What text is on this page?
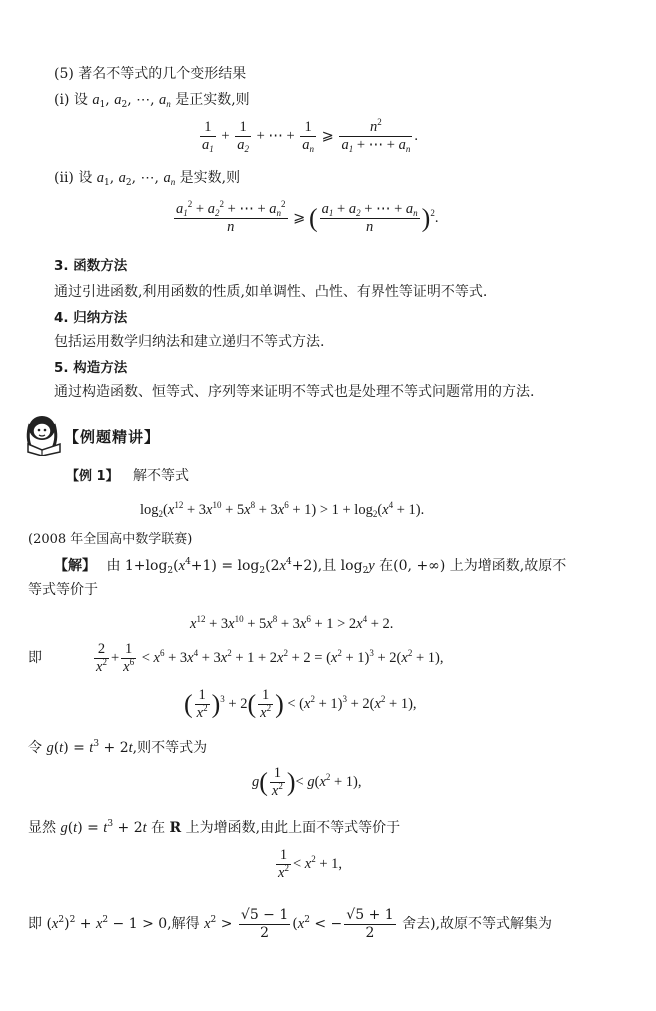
(5) 著名不等式的几个变形结果
(ⅰ) 设 $a_1$, $a_2$, ⋯, $a_n$ 是正实数,则
$\frac{1}{a_1} + \frac{1}{a_2}$ + ⋯ + $\frac{1}{a_n}$ ⩾ $\frac{n^2}{a_1 + \cdots + a_n}$ .
(ⅱ) 设 $a_1$, $a_2$, ⋯, $a_n$ 是实数,则
$\frac{a_1^2 + a_2^2 + \cdots + a_n^2}{n}$ ⩾ ( $\frac{a_1 + a_2 + \cdots + a_n}{n} )^2$.
3. 函数方法
通过引进函数,利用函数的性质,如单调性、凸性、有界性等证明不等式.
4. 归纳方法
包括运用数学归纳法和建立递归不等式方法.
5. 构造方法
通过构造函数、恒等式、序列等来证明不等式也是处理不等式问题常用的方法.
【例题精讲】
【例 1】 解不等式
$\log_2(x^{12} + 3x^{10} + 5x^8 + 3x^6 + 1) > 1 + \log_2(x^4 + 1)$.
(2008 年全国高中数学联赛)
【解】 由 $1+\log_2(x^4+1) = \log_2(2x^4+2)$,且 $\log_2y$ 在(0, +∞) 上为增函数,故原不
等式等价于
$x^{12} + 3x^{10} + 5x^8 + 3x^6 + 1 > 2x^4 + 2$.
即	$\frac{2}{x^2} + \frac{1}{x^6} < x^6 + 3x^4 + 3x^2 + 1 + 2x^2 + 2 = (x^2 + 1)^3 + 2(x^2 + 1)$,
( $\frac{1}{x^2} )^3 + 2( \frac{1}{x^2}$ ) < $(x^2 + 1)^3 + 2(x^2 + 1)$,
令 $g(t) = t^3 + 2t$,则不等式为
$g( \frac{1}{x^2}$ )< $g(x^2 + 1)$,
显然 $g(t) = t^3 + 2t$ 在 R 上为增函数,由此上面不等式等价于
$\frac{1}{x^2} < x^2 + 1$,
即 $(x^2)^2 + x^2 - 1 > 0$,解得 $x^2 > \frac{√5 - 1}{2} (x^2$ < − $\frac{√5 + 1}{2}$ 舍去),故原不等式解集为
